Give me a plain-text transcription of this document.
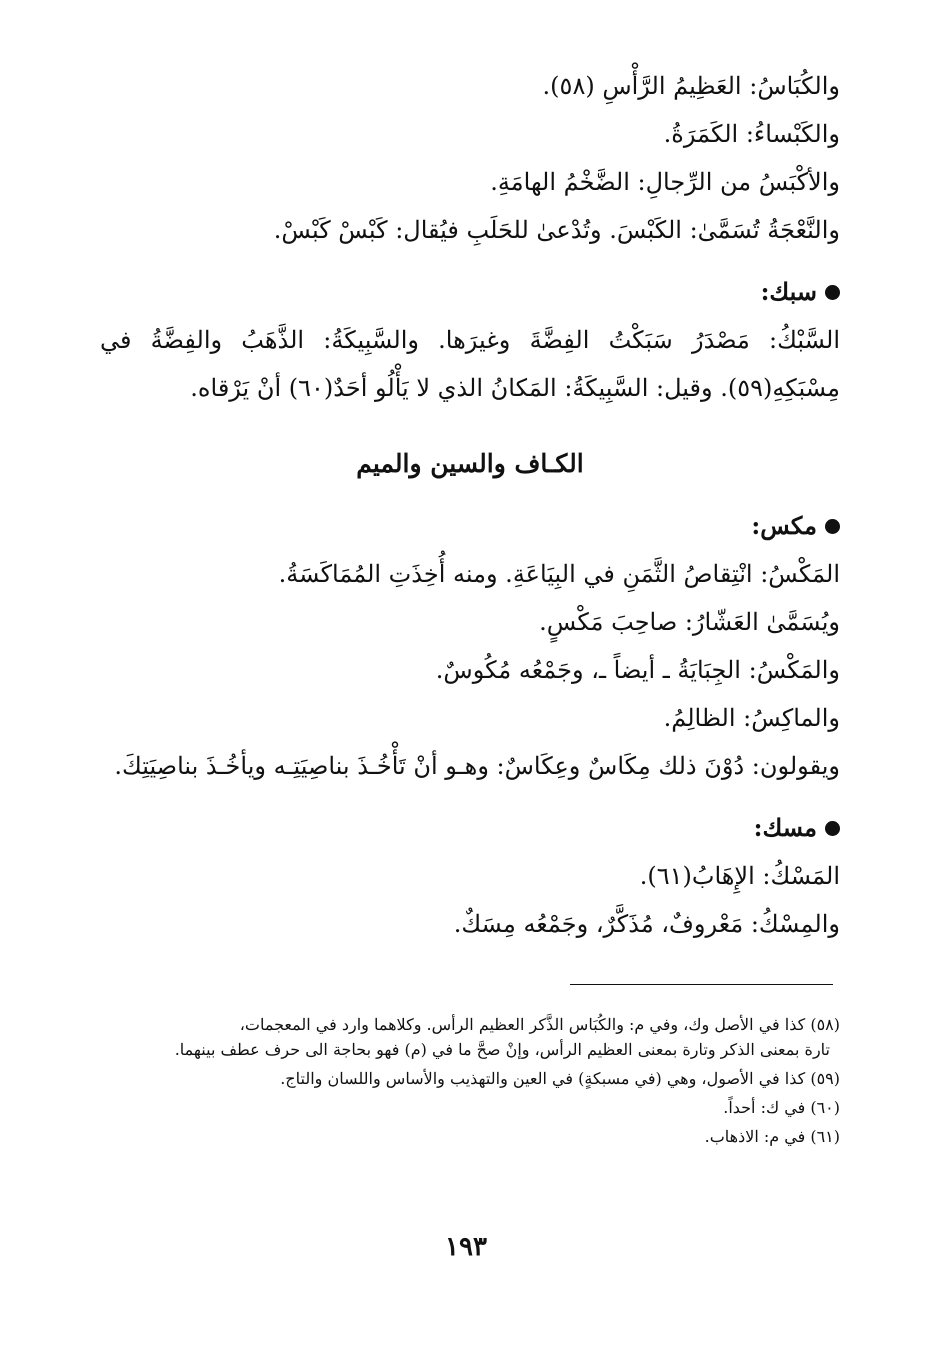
والكُبَاسُ: العَظِيمُ الرَّأْسِ (٥٨).
والكَبْساءُ: الكَمَرَةُ.
والأكْبَسُ من الرِّجالِ: الضَّخْمُ الهامَةِ.
والنَّعْجَةُ تُسَمَّىٰ: الكَبْسَ. وتُدْعىٰ للحَلَبِ فيُقال: كَبْسْ كَبْسْ.
سبك:
السَّبْكُ: مَصْدَرُ سَبَكْتُ الفِضَّةَ وغيرَها. والسَّبِيكَةُ: الذَّهَبُ والفِضَّةُ في مِسْبَكِهِ(٥٩). وقيل: السَّبِيكَةُ: المَكانُ الذي لا يَأْلُو أحَدٌ(٦٠) أنْ يَرْقاه.
الكـاف والسين والميم
مكس:
المَكْسُ: انْتِقاصُ الثَّمَنِ في البِيَاعَةِ. ومنه أُخِذَتِ المُمَاكَسَةُ.
ويُسَمَّىٰ العَشّارُ: صاحِبَ مَكْسٍ.
والمَكْسُ: الجِبَايَةُ ـ أيضاً ـ، وجَمْعُه مُكُوسٌ.
والماكِسُ: الظالِمُ.
ويقولون: دُوْنَ ذلك مِكَاسٌ وعِكَاسٌ: وهـو أنْ تَأْخُـذَ بناصِيَتِـه ويأخُـذَ بناصِيَتِكَ.
مسك:
المَسْكُ: الإِهَابُ(٦١).
والمِسْكُ: مَعْروفٌ، مُذَكَّرٌ، وجَمْعُه مِسَكٌ.
(٥٨) كذا في الأصل وك، وفي م: والكُبَاس الذَّكر العظيم الرأس. وكلاهما وارد في المعجمات،
تارة بمعنى الذكر وتارة بمعنى العظيم الرأس، وإنْ صحَّ ما في (م) فهو بحاجة الى حرف عطف بينهما.
(٥٩) كذا في الأصول، وهي (في مسبكةٍ) في العين والتهذيب والأساس واللسان والتاج.
(٦٠) في ك: أحداً.
(٦١) في م: الاذهاب.
١٩٣
